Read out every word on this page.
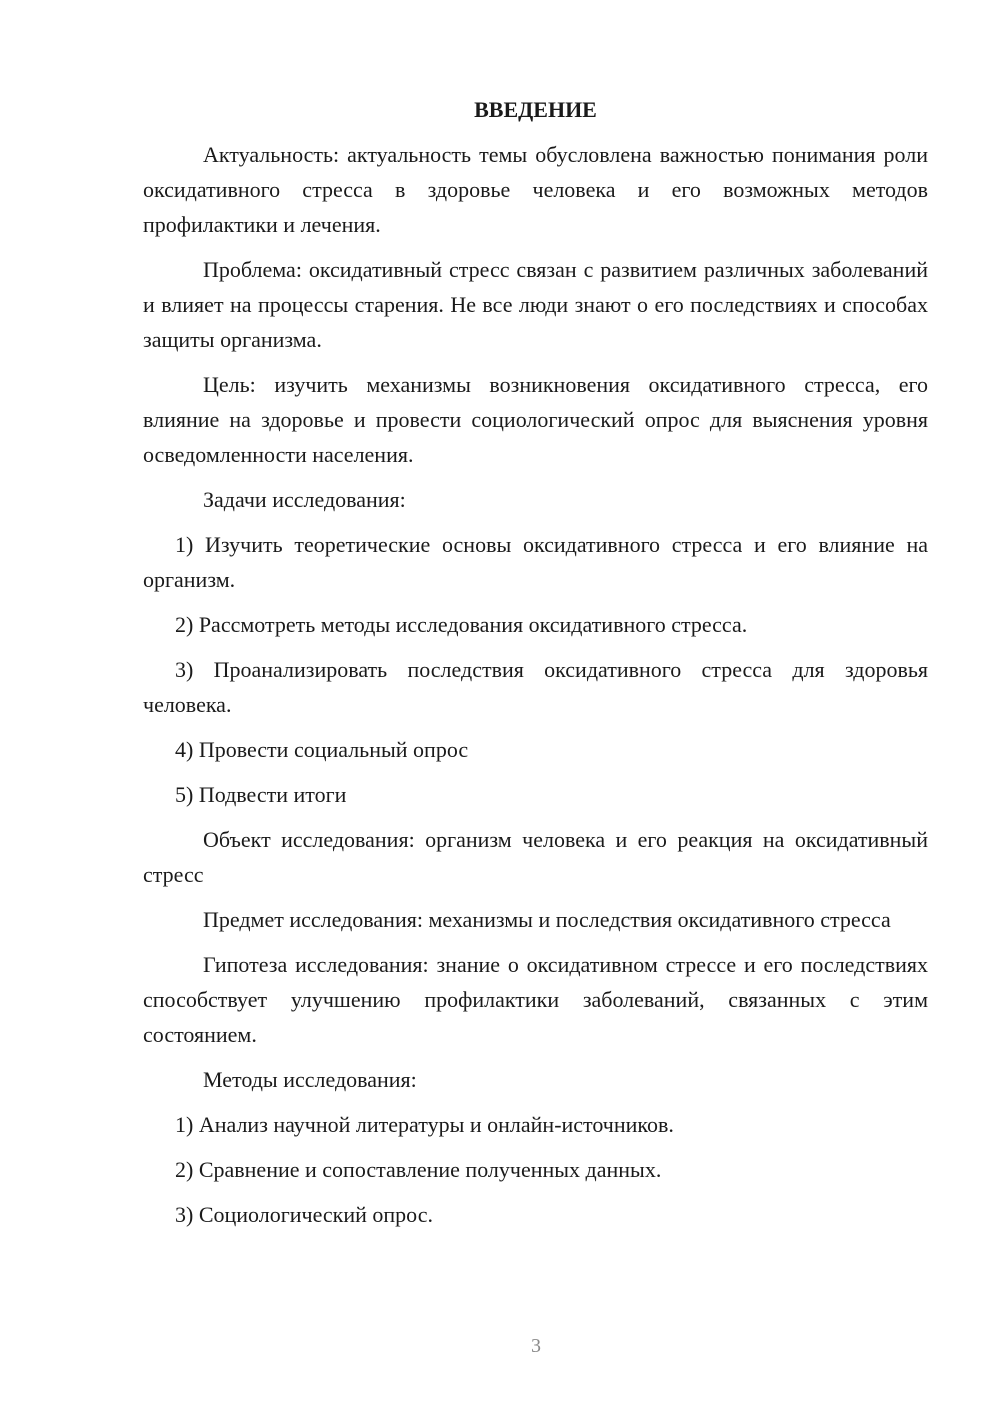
ВВЕДЕНИЕ

Актуальность: актуальность темы обусловлена важностью понимания роли оксидативного стресса в здоровье человека и его возможных методов профилактики и лечения.

Проблема: оксидативный стресс связан с развитием различных заболеваний и влияет на процессы старения. Не все люди знают о его последствиях и способах защиты организма.

Цель: изучить механизмы возникновения оксидативного стресса, его влияние на здоровье и провести социологический опрос для выяснения уровня осведомленности населения.

Задачи исследования:

1) Изучить теоретические основы оксидативного стресса и его влияние на организм.

2) Рассмотреть методы исследования оксидативного стресса.

3) Проанализировать последствия оксидативного стресса для здоровья человека.

4) Провести социальный опрос

5) Подвести итоги

Объект исследования: организм человека и его реакция на оксидативный стресс

Предмет исследования: механизмы и последствия оксидативного стресса

Гипотеза исследования: знание о оксидативном стрессе и его последствиях способствует улучшению профилактики заболеваний, связанных с этим состоянием.

Методы исследования:

1) Анализ научной литературы и онлайн-источников.

2) Сравнение и сопоставление полученных данных.

3) Социологический опрос.

3
